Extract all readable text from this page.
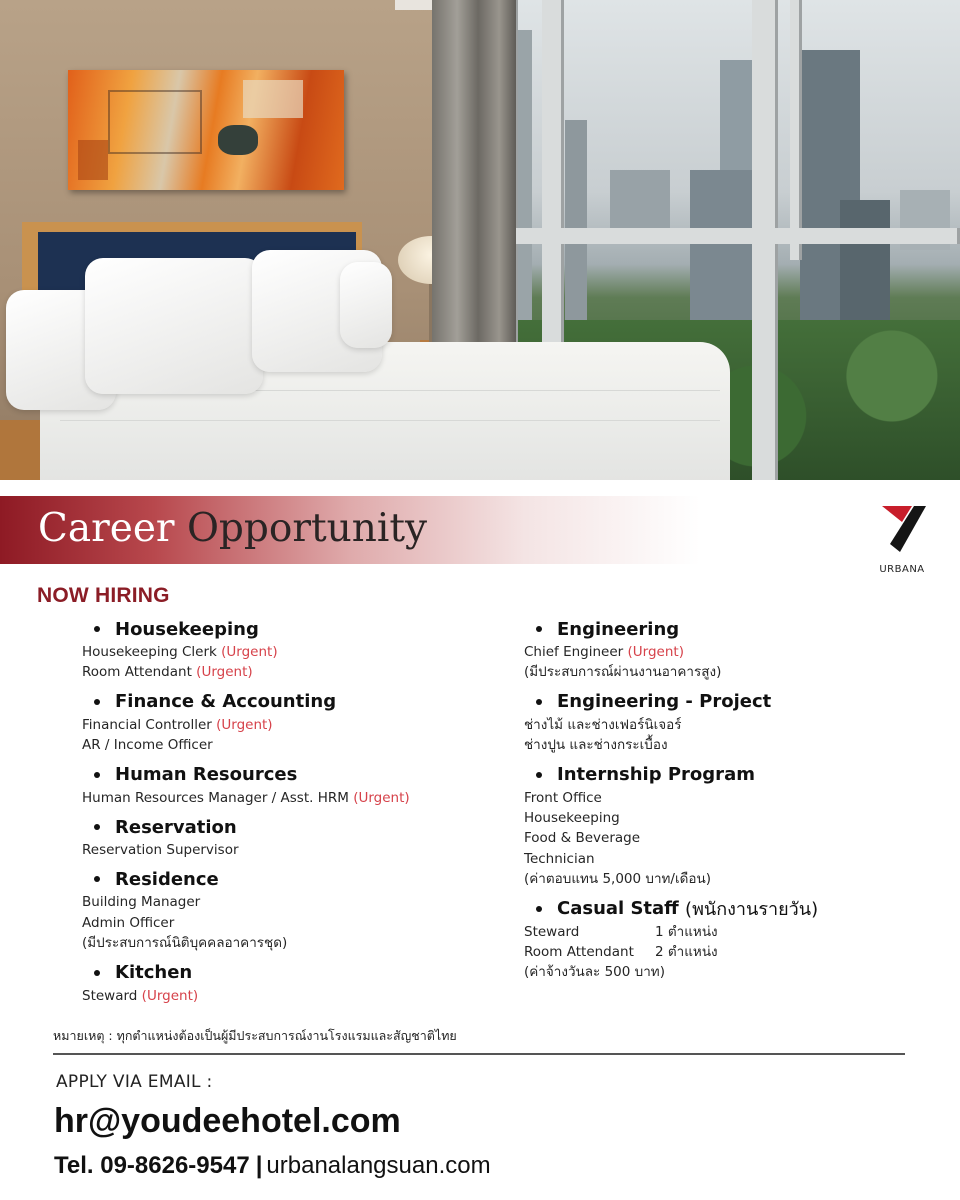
Career Opportunity
URBANA
NOW HIRING
Housekeeping
Housekeeping Clerk (Urgent)
Room Attendant (Urgent)
Finance & Accounting
Financial Controller (Urgent)
AR / Income Officer
Human Resources
Human Resources Manager / Asst. HRM (Urgent)
Reservation
Reservation Supervisor
Residence
Building Manager
Admin Officer
(มีประสบการณ์นิติบุคคลอาคารชุด)
Kitchen
Steward (Urgent)
Engineering
Chief Engineer (Urgent)
(มีประสบการณ์ผ่านงานอาคารสูง)
Engineering - Project
ช่างไม้ และช่างเฟอร์นิเจอร์
ช่างปูน และช่างกระเบื้อง
Internship Program
Front Office
Housekeeping
Food & Beverage
Technician
(ค่าตอบแทน 5,000 บาท/เดือน)
Casual Staff
(พนักงานรายวัน)
Steward	1 ตำแหน่ง
Room Attendant 2 ตำแหน่ง
(ค่าจ้างวันละ 500 บาท)
หมายเหตุ : ทุกตำแหน่งต้องเป็นผู้มีประสบการณ์งานโรงแรมและสัญชาติไทย
APPLY VIA EMAIL :
hr@youdeehotel.com
Tel. 09-8626-9547 | urbanalangsuan.com
